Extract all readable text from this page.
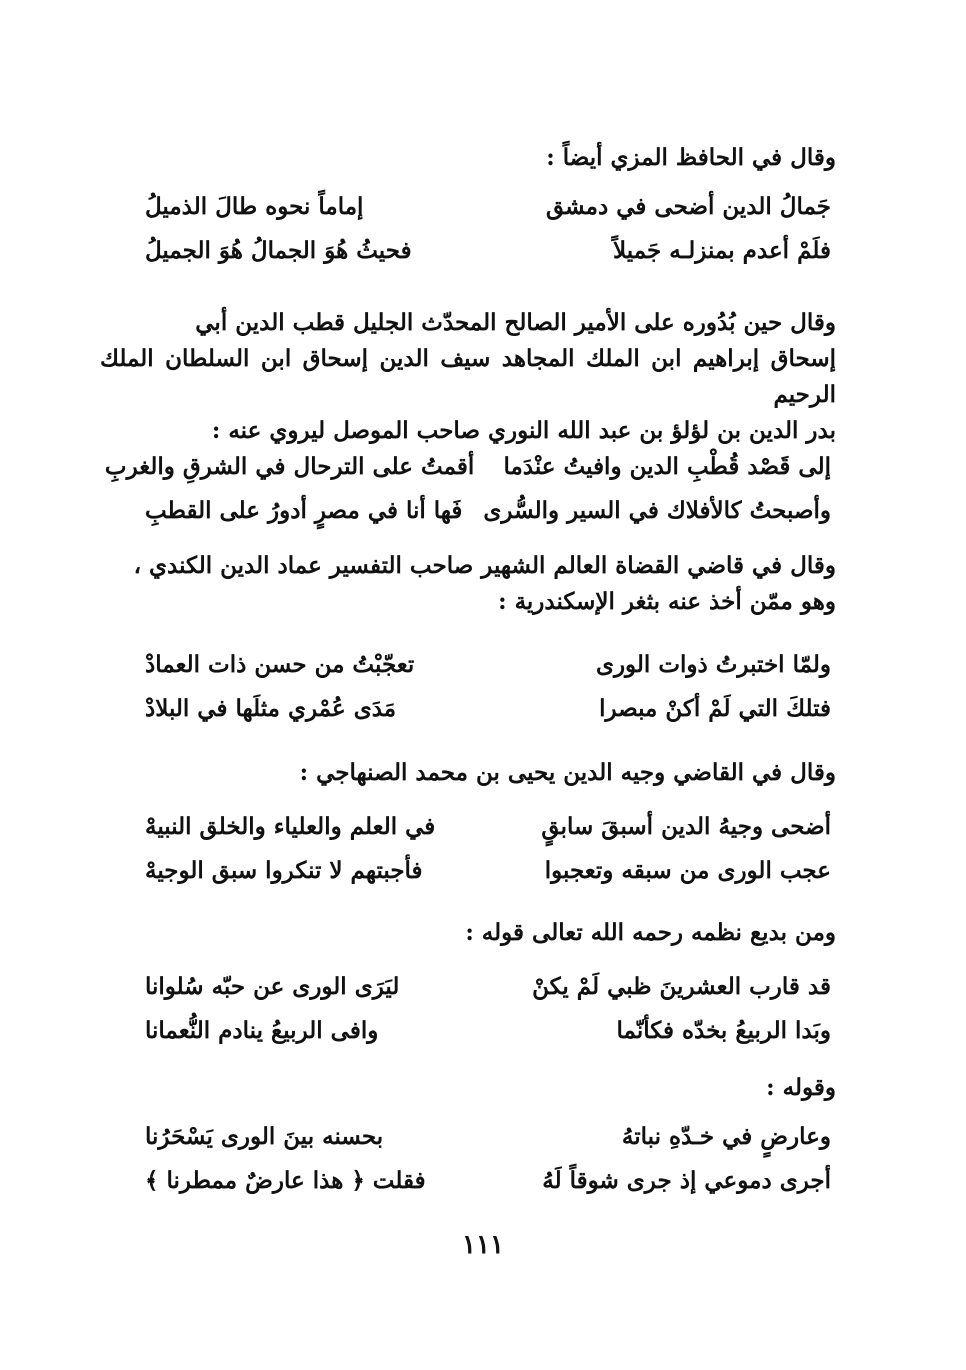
وقال في الحافظ المزي أيضاً :
جَمالُ الدين أضحى في دمشق
إماماً نحوه طالَ الذميلُ
فلَمْ أعدم بمنزلـه جَميلاً
فحيثُ هُوَ الجمالُ هُوَ الجميلُ
وقال حين بُدُوره على الأمير الصالح المحدّث الجليل قطب الدين أبي
إسحاق إبراهيم ابن الملك المجاهد سيف الدين إسحاق ابن السلطان الملك الرحيم
بدر الدين بن لؤلؤ بن عبد الله النوري صاحب الموصل ليروي عنه :
إلى قَصْد قُطْبِ الدين وافيتُ عنْدَما
أقمتُ على الترحال في الشرقِ والغربِ
وأصبحتُ كالأفلاك في السير والسُّرى
فَها أنا في مصرٍ أدورُ على القطبِ
وقال في قاضي القضاة العالم الشهير صاحب التفسير عماد الدين الكندي ،
وهو ممّن أخذ عنه بثغر الإسكندرية :
ولمّا اختبرتُ ذوات الورى
تعجّبْتُ من حسن ذات العمادْ
فتلكَ التي لَمْ أكنْ مبصرا
مَدَى عُمْري مثلَها في البلادْ
وقال في القاضي وجيه الدين يحيى بن محمد الصنهاجي :
أضحى وجيهُ الدين أسبقَ سابقٍ
في العلم والعلياء والخلق النبيهْ
عجب الورى من سبقه وتعجبوا
فأجبتهم لا تنكروا سبق الوجيهْ
ومن بديع نظمه رحمه الله تعالى قوله :
قد قارب العشرينَ ظبي لَمْ يكنْ
ليَرَى الورى عن حبّه سُلوانا
وبَدا الربيعُ بخدّه فكأنّما
وافى الربيعُ ينادم النُّعمانا
وقوله :
وعارضٍ في خـدّهِ نباتهُ
بحسنه بينَ الورى يَسْحَرُنا
أجرى دموعي إذ جرى شوقاً لَهُ
فقلت ﴿ هذا عارضٌ ممطرنا ﴾
١١١
